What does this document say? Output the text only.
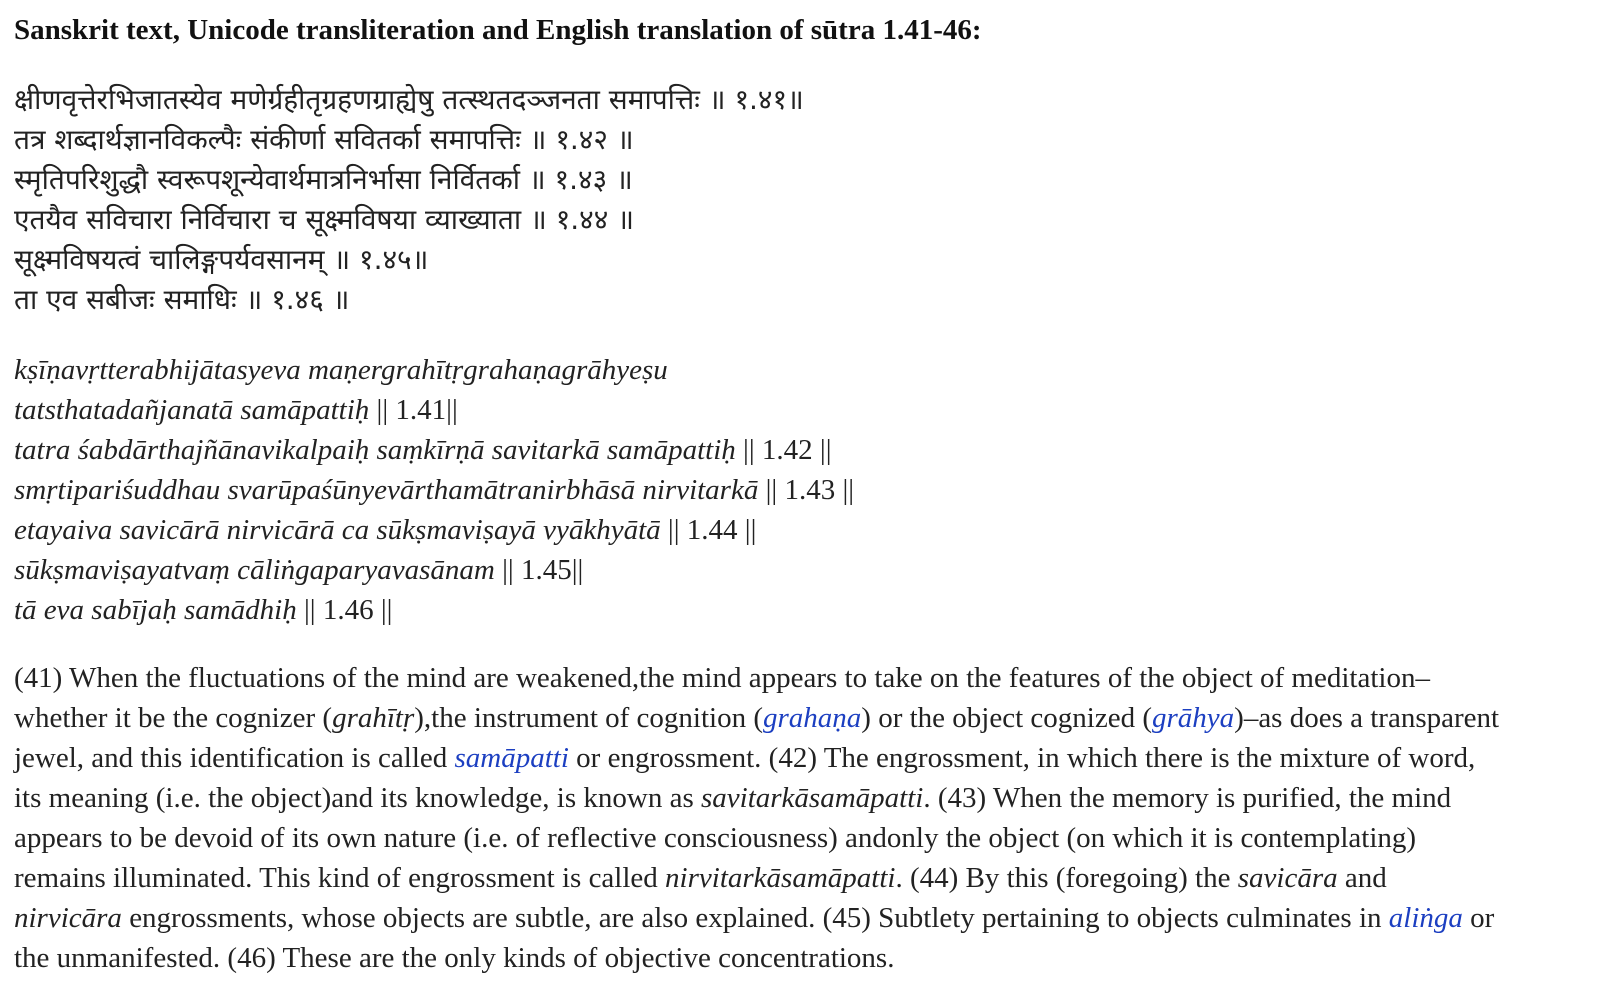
Sanskrit text, Unicode transliteration and English translation of sūtra 1.41-46:
क्षीणवृत्तेरभिजातस्येव मणेर्ग्रहीतृग्रहणग्राह्येषु तत्स्थतदञ्जनता समापत्तिः ॥ १.४१॥
तत्र शब्दार्थज्ञानविकल्पैः संकीर्णा सवितर्का समापत्तिः ॥ १.४२ ॥
स्मृतिपरिशुद्धौ स्वरूपशून्येवार्थमात्रनिर्भासा निर्वितर्का ॥ १.४३ ॥
एतयैव सविचारा निर्विचारा च सूक्ष्मविषया व्याख्याता ॥ १.४४ ॥
सूक्ष्मविषयत्वं चालिङ्गपर्यवसानम् ॥ १.४५॥
ता एव सबीजः समाधिः ॥ १.४६ ॥
kṣīṇavṛtterabhijātasyeva maṇergrahītṛgrahaṇagrāhyeṣu
tatsthatadañjanatā samāpattiḥ || 1.41||
tatra śabdārthajñānavikalpaiḥ saṃkīrṇā savitarkā samāpattiḥ || 1.42 ||
smṛtipariśuddhau svarūpaśūnyevārthamātranirbhāsā nirvitarkā || 1.43 ||
etayaiva savicārā nirvicārā ca sūkṣmaviṣayā vyākhyātā || 1.44 ||
sūkṣmaviṣayatvaṃ cāliṅgaparyavasānam || 1.45||
tā eva sabījaḥ samādhiḥ || 1.46 ||
(41) When the fluctuations of the mind are weakened,the mind appears to take on the features of the object of meditation–
whether it be the cognizer (grahītṛ),the instrument of cognition (grahaṇa) or the object cognized (grāhya)–as does a transparent
jewel, and this identification is called samāpatti or engrossment. (42) The engrossment, in which there is the mixture of word,
its meaning (i.e. the object)and its knowledge, is known as savitarkāsamāpatti. (43) When the memory is purified, the mind
appears to be devoid of its own nature (i.e. of reflective consciousness) andonly the object (on which it is contemplating)
remains illuminated. This kind of engrossment is called nirvitarkāsamāpatti. (44) By this (foregoing) the savicāra and
nirvicāra engrossments, whose objects are subtle, are also explained. (45) Subtlety pertaining to objects culminates in aliṅga or
the unmanifested. (46) These are the only kinds of objective concentrations.
